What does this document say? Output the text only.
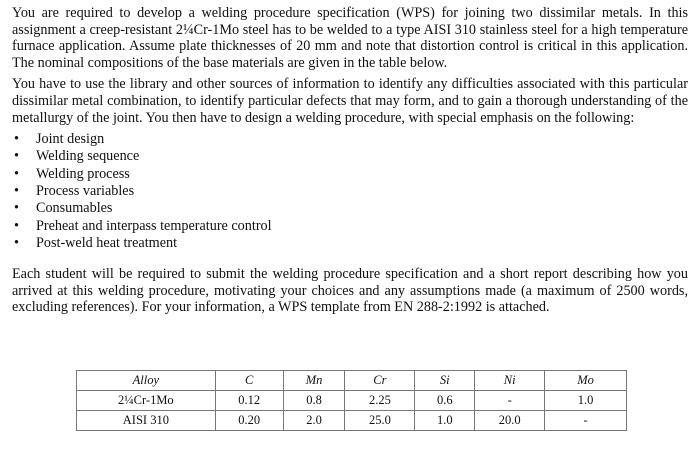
You are required to develop a welding procedure specification (WPS) for joining two dissimilar metals. In this assignment a creep-resistant 2¼Cr-1Mo steel has to be welded to a type AISI 310 stainless steel for a high temperature furnace application. Assume plate thicknesses of 20 mm and note that distortion control is critical in this application. The nominal compositions of the base materials are given in the table below.

You have to use the library and other sources of information to identify any difficulties associated with this particular dissimilar metal combination, to identify particular defects that may form, and to gain a thorough understanding of the metallurgy of the joint. You then have to design a welding procedure, with special emphasis on the following:

• Joint design
• Welding sequence
• Welding process
• Process variables
• Consumables
• Preheat and interpass temperature control
• Post-weld heat treatment

Each student will be required to submit the welding procedure specification and a short report describing how you arrived at this welding procedure, motivating your choices and any assumptions made (a maximum of 2500 words, excluding references). For your information, a WPS template from EN 288-2:1992 is attached.

Alloy	C	Mn	Cr	Si	Ni	Mo
2¼Cr-1Mo	0.12	0.8	2.25	0.6	-	1.0
AISI 310	0.20	2.0	25.0	1.0	20.0	-
